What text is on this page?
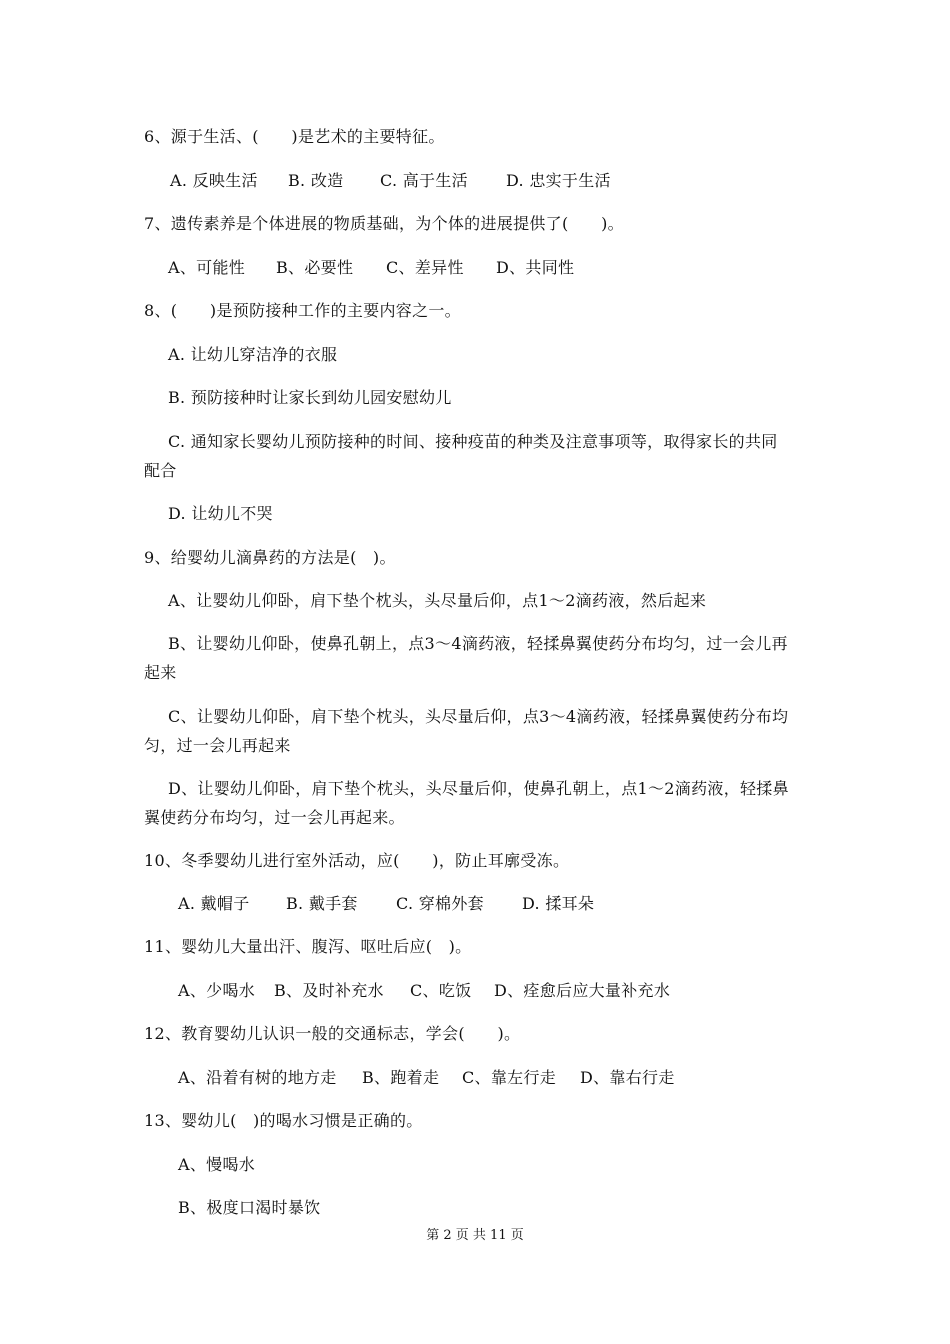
6、源于生活、(　　)是艺术的主要特征。
A. 反映生活 B. 改造 C. 高于生活 D. 忠实于生活
7、遗传素养是个体进展的物质基础，为个体的进展提供了(　　)。
A、可能性 B、必要性 C、差异性 D、共同性
8、(　　)是预防接种工作的主要内容之一。
A. 让幼儿穿洁净的衣服
B. 预防接种时让家长到幼儿园安慰幼儿
C. 通知家长婴幼儿预防接种的时间、接种疫苗的种类及注意事项等，取得家长的共同
配合
D. 让幼儿不哭
9、给婴幼儿滴鼻药的方法是(　)。
A、让婴幼儿仰卧，肩下垫个枕头，头尽量后仰，点1～2滴药液，然后起来
B、让婴幼儿仰卧，使鼻孔朝上，点3～4滴药液，轻揉鼻翼使药分布均匀，过一会儿再
起来
C、让婴幼儿仰卧，肩下垫个枕头，头尽量后仰，点3～4滴药液，轻揉鼻翼使药分布均
匀，过一会儿再起来
D、让婴幼儿仰卧，肩下垫个枕头，头尽量后仰，使鼻孔朝上，点1～2滴药液，轻揉鼻
翼使药分布均匀，过一会儿再起来。
10、冬季婴幼儿进行室外活动，应(　　)，防止耳廓受冻。
A. 戴帽子 B. 戴手套 C. 穿棉外套 D. 揉耳朵
11、婴幼儿大量出汗、腹泻、呕吐后应(　)。
A、少喝水 B、及时补充水 C、吃饭 D、痊愈后应大量补充水
12、教育婴幼儿认识一般的交通标志，学会(　　)。
A、沿着有树的地方走 B、跑着走 C、靠左行走 D、靠右行走
13、婴幼儿(　)的喝水习惯是正确的。
A、慢喝水
B、极度口渴时暴饮
第 2 页 共 11 页
